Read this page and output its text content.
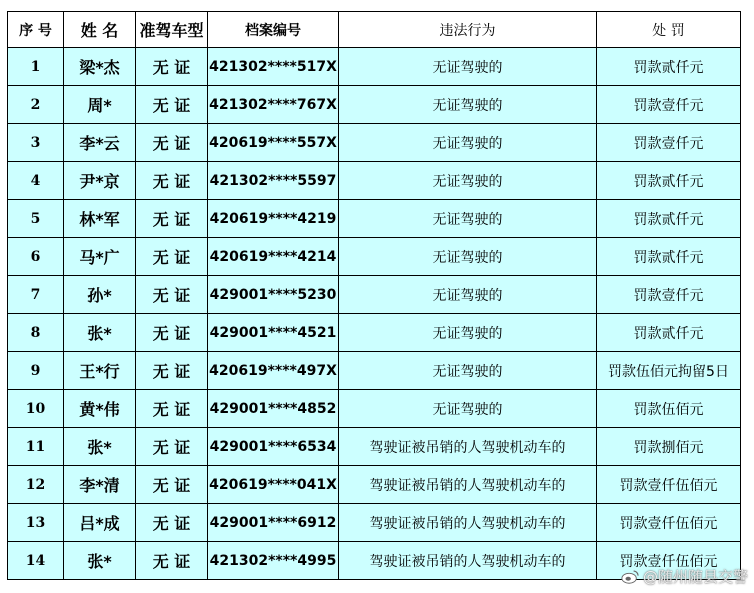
序 号	姓 名	准驾车型	档案编号	违法行为	处 罚
1	梁*杰	无 证	421302****517X	无证驾驶的	罚款贰仟元
2	周*	无 证	421302****767X	无证驾驶的	罚款壹仟元
3	李*云	无 证	420619****557X	无证驾驶的	罚款壹仟元
4	尹*京	无 证	421302****5597	无证驾驶的	罚款贰仟元
5	林*军	无 证	420619****4219	无证驾驶的	罚款贰仟元
6	马*广	无 证	420619****4214	无证驾驶的	罚款贰仟元
7	孙*	无 证	429001****5230	无证驾驶的	罚款壹仟元
8	张*	无 证	429001****4521	无证驾驶的	罚款贰仟元
9	王*行	无 证	420619****497X	无证驾驶的	罚款伍佰元拘留5日
10	黄*伟	无 证	429001****4852	无证驾驶的	罚款伍佰元
11	张*	无 证	429001****6534	驾驶证被吊销的人驾驶机动车的	罚款捌佰元
12	李*清	无 证	420619****041X	驾驶证被吊销的人驾驶机动车的	罚款壹仟伍佰元
13	吕*成	无 证	429001****6912	驾驶证被吊销的人驾驶机动车的	罚款壹仟伍佰元
14	张*	无 证	421302****4995	驾驶证被吊销的人驾驶机动车的	罚款壹仟伍佰元
@随州随县交警
